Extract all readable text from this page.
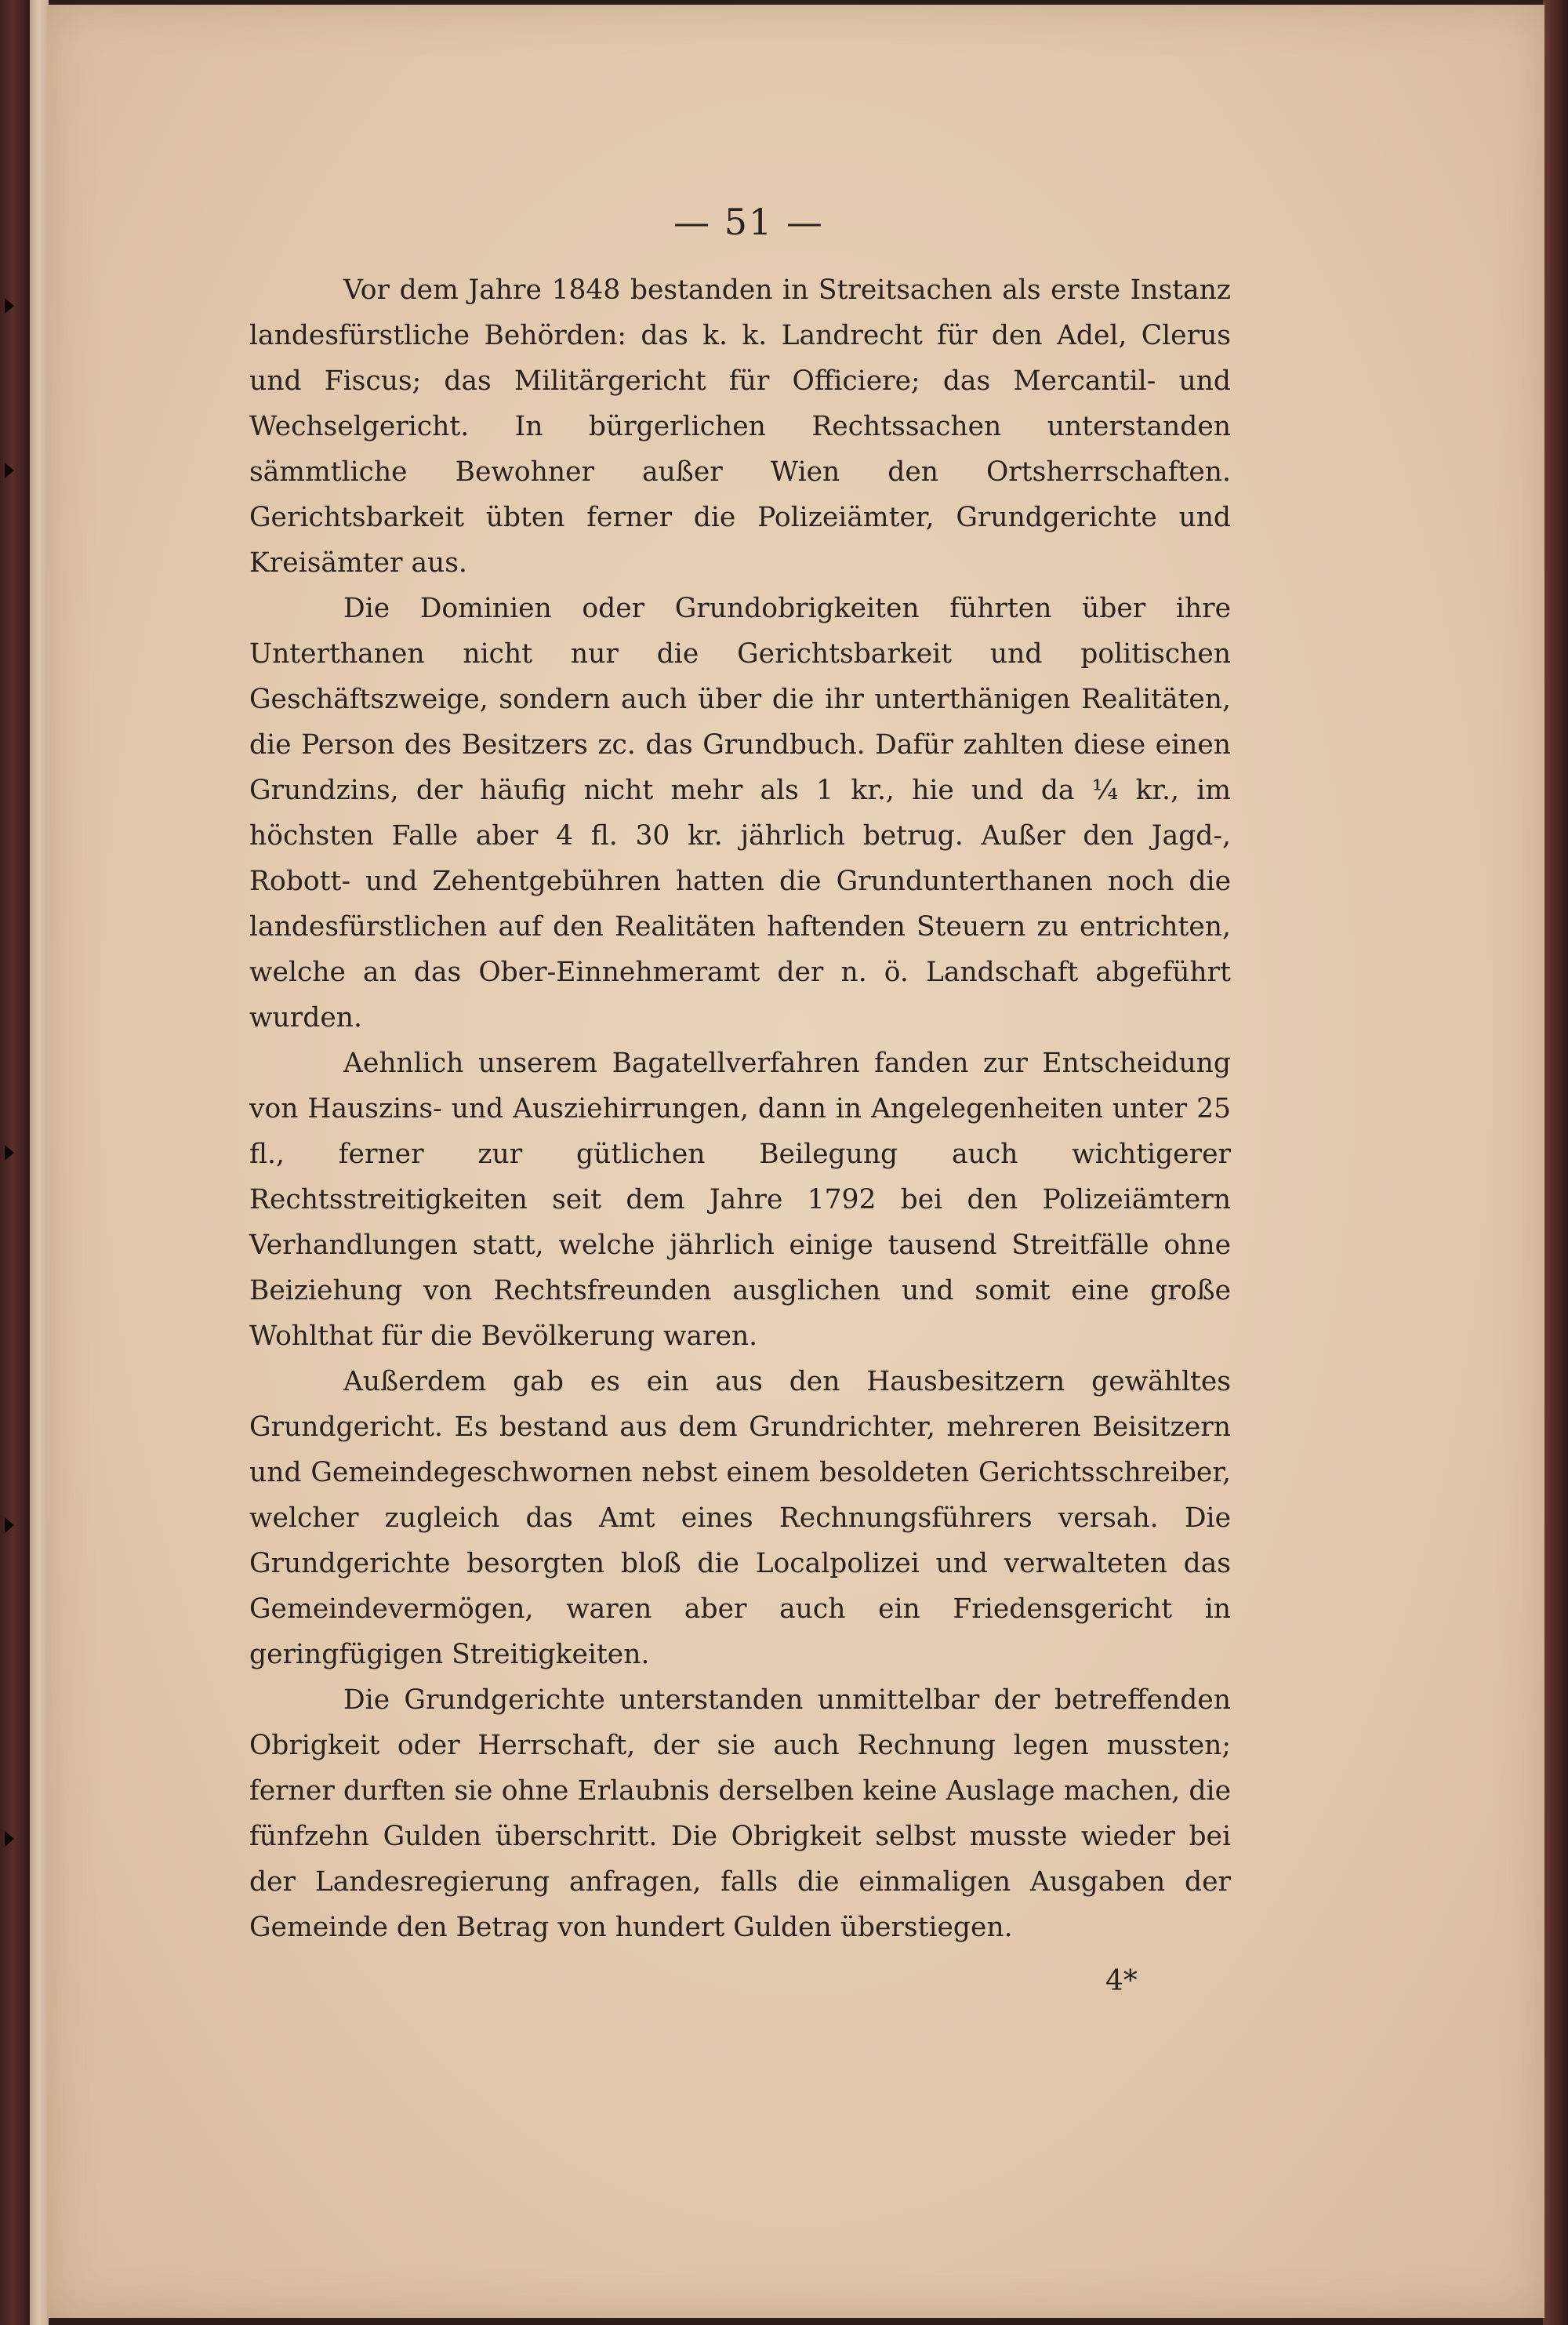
— 51 —

Vor dem Jahre 1848 bestanden in Streitsachen als erste Instanz landesfürstliche Behörden: das k. k. Landrecht für den Adel, Clerus und Fiscus; das Militärgericht für Officiere; das Mercantil- und Wechselgericht. In bürgerlichen Rechtssachen unterstanden sämmtliche Bewohner außer Wien den Ortsherrschaften. Gerichtsbarkeit übten ferner die Polizeiämter, Grundgerichte und Kreisämter aus.

Die Dominien oder Grundobrigkeiten führten über ihre Unterthanen nicht nur die Gerichtsbarkeit und politischen Geschäftszweige, sondern auch über die ihr unterthänigen Realitäten, die Person des Besitzers zc. das Grundbuch. Dafür zahlten diese einen Grundzins, der häufig nicht mehr als 1 kr., hie und da ¼ kr., im höchsten Falle aber 4 fl. 30 kr. jährlich betrug. Außer den Jagd-, Robott- und Zehentgebühren hatten die Grundunterthanen noch die landesfürstlichen auf den Realitäten haftenden Steuern zu entrichten, welche an das Ober-Einnehmeramt der n. ö. Landschaft abgeführt wurden.

Aehnlich unserem Bagatellverfahren fanden zur Entscheidung von Hauszins- und Ausziehirrungen, dann in Angelegenheiten unter 25 fl., ferner zur gütlichen Beilegung auch wichtigerer Rechtsstreitigkeiten seit dem Jahre 1792 bei den Polizeiämtern Verhandlungen statt, welche jährlich einige tausend Streitfälle ohne Beiziehung von Rechtsfreunden ausglichen und somit eine große Wohlthat für die Bevölkerung waren.

Außerdem gab es ein aus den Hausbesitzern gewähltes Grundgericht. Es bestand aus dem Grundrichter, mehreren Beisitzern und Gemeindegeschwornen nebst einem besoldeten Gerichtsschreiber, welcher zugleich das Amt eines Rechnungsführers versah. Die Grundgerichte besorgten bloß die Localpolizei und verwalteten das Gemeindevermögen, waren aber auch ein Friedensgericht in geringfügigen Streitigkeiten.

Die Grundgerichte unterstanden unmittelbar der betreffenden Obrigkeit oder Herrschaft, der sie auch Rechnung legen mussten; ferner durften sie ohne Erlaubnis derselben keine Auslage machen, die fünfzehn Gulden überschritt. Die Obrigkeit selbst musste wieder bei der Landesregierung anfragen, falls die einmaligen Ausgaben der Gemeinde den Betrag von hundert Gulden überstiegen.

4*
